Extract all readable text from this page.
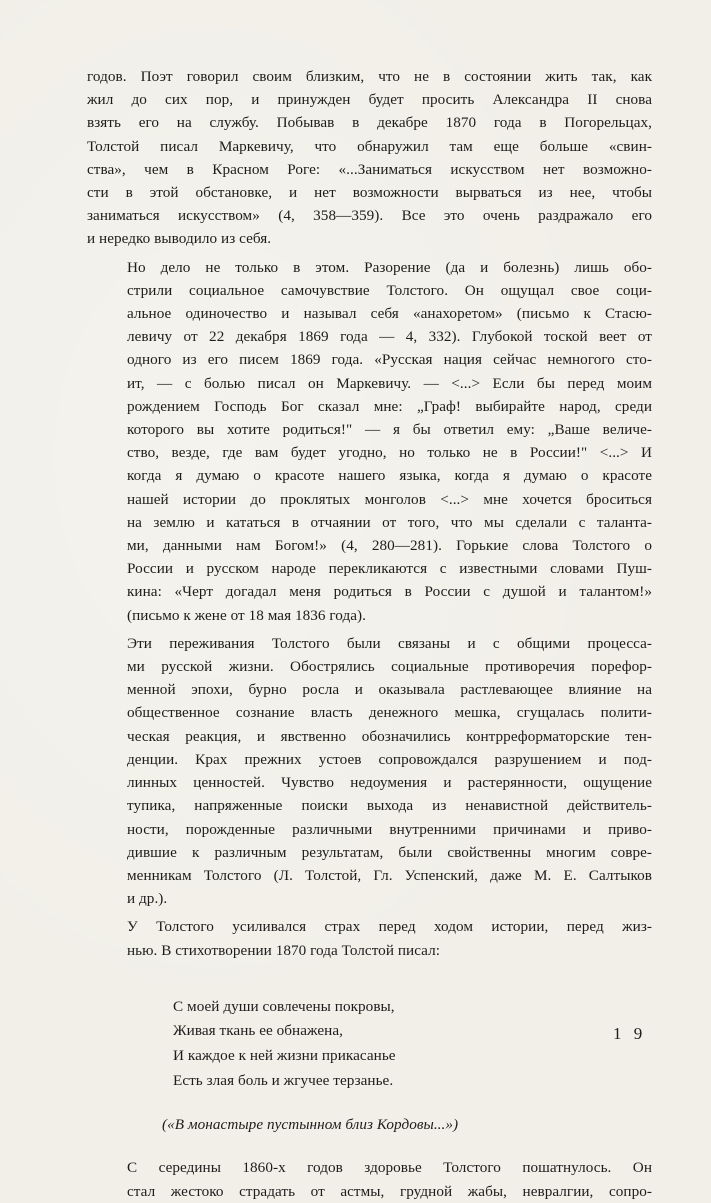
годов. Поэт говорил своим близким, что не в состоянии жить так, как
жил до сих пор, и принужден будет просить Александра II снова
взять его на службу. Побывав в декабре 1870 года в Погорельцах,
Толстой писал Маркевичу, что обнаружил там еще больше «свин-
ства», чем в Красном Роге: «...Заниматься искусством нет возможно-
сти в этой обстановке, и нет возможности вырваться из нее, чтобы
заниматься искусством» (4, 358—359). Все это очень раздражало его
и нередко выводило из себя.

Но дело не только в этом. Разорение (да и болезнь) лишь обо-
стрили социальное самочувствие Толстого. Он ощущал свое соци-
альное одиночество и называл себя «анахоретом» (письмо к Стасю-
левичу от 22 декабря 1869 года — 4, 332). Глубокой тоской веет от
одного из его писем 1869 года. «Русская нация сейчас немногого сто-
ит, — с болью писал он Маркевичу. — <...> Если бы перед моим
рождением Господь Бог сказал мне: „Граф! выбирайте народ, среди
которого вы хотите родиться!" — я бы ответил ему: „Ваше величе-
ство, везде, где вам будет угодно, но только не в России!" <...> И
когда я думаю о красоте нашего языка, когда я думаю о красоте
нашей истории до проклятых монголов <...> мне хочется броситься
на землю и кататься в отчаянии от того, что мы сделали с таланта-
ми, данными нам Богом!» (4, 280—281). Горькие слова Толстого о
России и русском народе перекликаются с известными словами Пуш-
кина: «Черт догадал меня родиться в России с душой и талантом!»
(письмо к жене от 18 мая 1836 года).

Эти переживания Толстого были связаны и с общими процесса-
ми русской жизни. Обострялись социальные противоречия порефор-
менной эпохи, бурно росла и оказывала растлевающее влияние на
общественное сознание власть денежного мешка, сгущалась полити-
ческая реакция, и явственно обозначились контрреформаторские тен-
денции. Крах прежних устоев сопровождался разрушением и под-
линных ценностей. Чувство недоумения и растерянности, ощущение
тупика, напряженные поиски выхода из ненавистной действитель-
ности, порожденные различными внутренними причинами и приво-
дившие к различным результатам, были свойственны многим совре-
менникам Толстого (Л. Толстой, Гл. Успенский, даже М. Е. Салтыков
и др.).

У Толстого усиливался страх перед ходом истории, перед жиз-
нью. В стихотворении 1870 года Толстой писал:

С моей души совлечены покровы,
Живая ткань ее обнажена,
И каждое к ней жизни прикасанье
Есть злая боль и жгучее терзанье.
(«В монастыре пустынном близ Кордовы...»)

С середины 1860-х годов здоровье Толстого пошатнулось. Он
стал жестоко страдать от астмы, грудной жабы, невралгии, сопро-

1 9
